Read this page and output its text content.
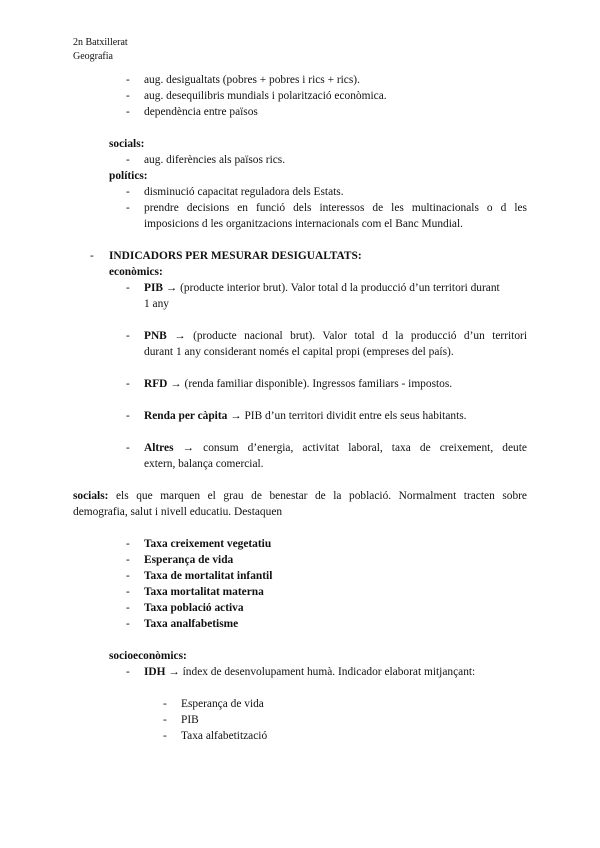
2n Batxillerat
Geografia
- aug. desigualtats (pobres + pobres i rics + rics).
- aug. desequilibris mundials i polarització econòmica.
- dependència entre països
socials:
- aug. diferències als països rics.
polítics:
- disminució capacitat reguladora dels Estats.
- prendre decisions en funció dels interessos de les multinacionals o d les
imposicions d les organitzacions internacionals com el Banc Mundial.
- INDICADORS PER MESURAR DESIGUALTATS:
econòmics:
- PIB → (producte interior brut). Valor total d la producció d’un territori durant
1 any
- PNB → (producte nacional brut). Valor total d la producció d’un territori
durant 1 any considerant només el capital propi (empreses del país).
- RFD → (renda familiar disponible). Ingressos familiars - impostos.
- Renda per càpita → PIB d’un territori dividit entre els seus habitants.
- Altres → consum d’energia, activitat laboral, taxa de creixement, deute
extern, balança comercial.
socials: els que marquen el grau de benestar de la població. Normalment tracten sobre
demografia, salut i nivell educatiu. Destaquen
- Taxa creixement vegetatiu
- Esperança de vida
- Taxa de mortalitat infantil
- Taxa mortalitat materna
- Taxa població activa
- Taxa analfabetisme
socioeconòmics:
- IDH → índex de desenvolupament humà. Indicador elaborat mitjançant:
- Esperança de vida
- PIB
- Taxa alfabetització
